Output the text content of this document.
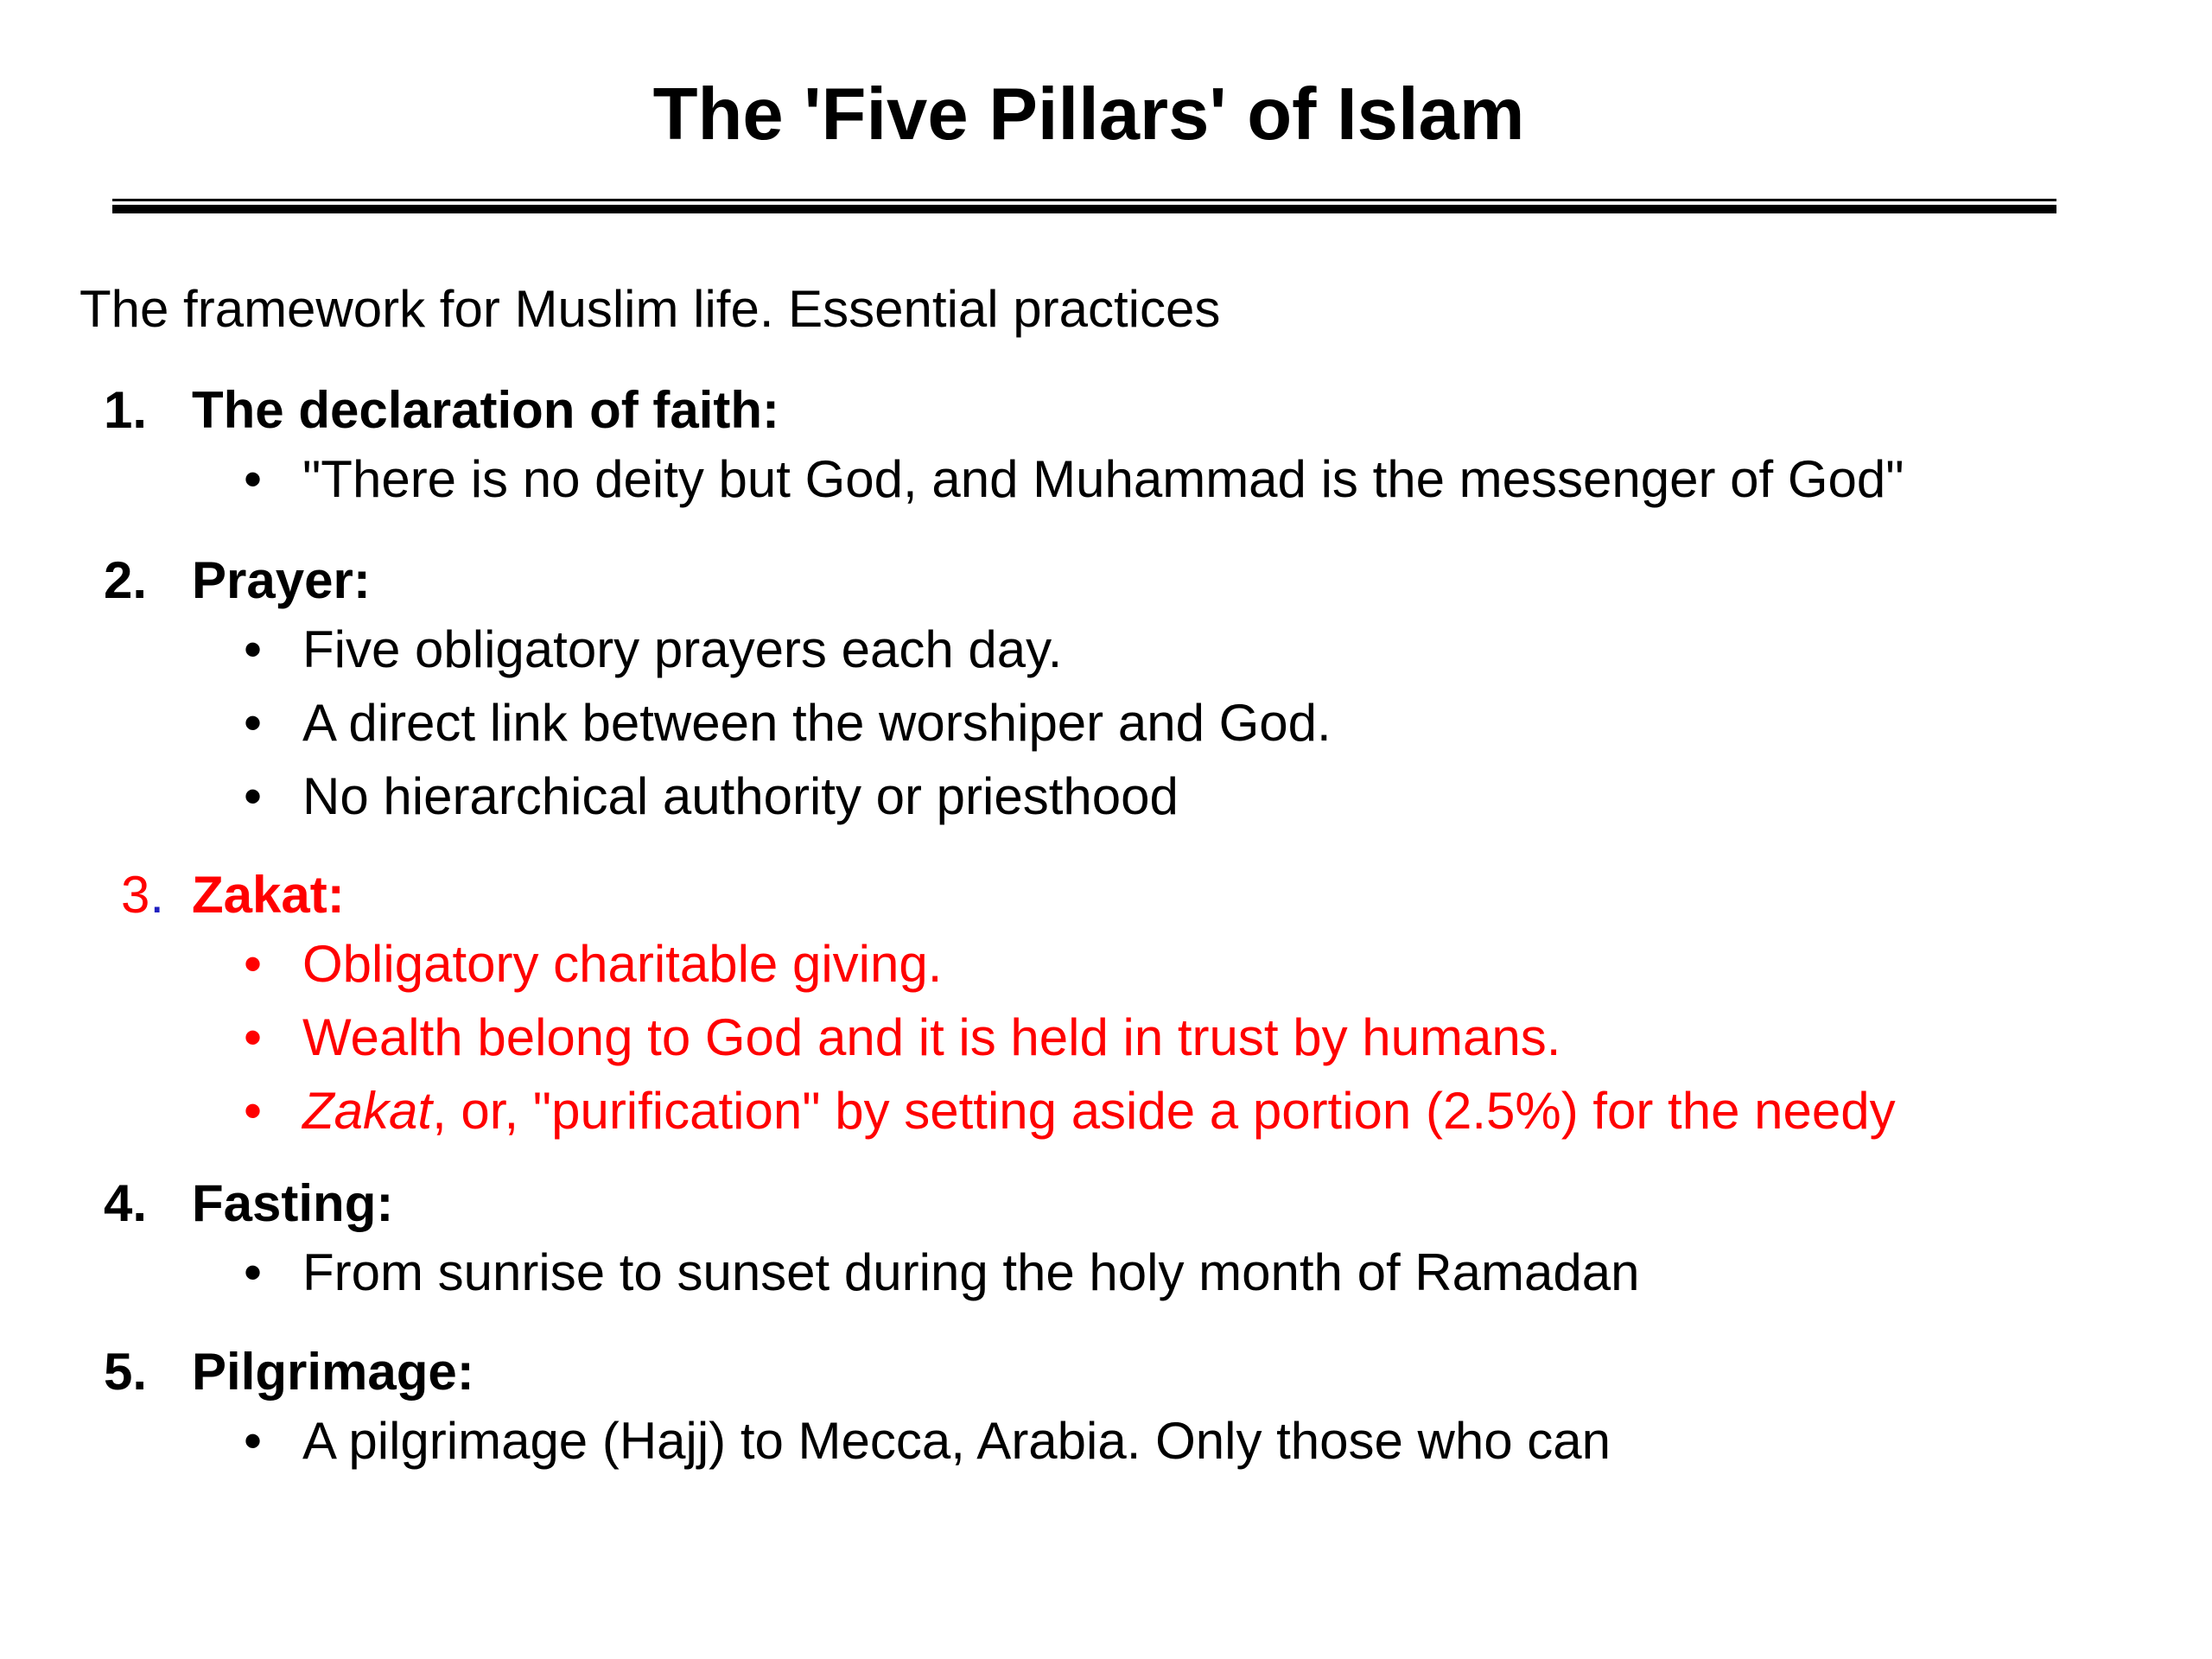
The 'Five Pillars' of Islam
The framework for Muslim life. Essential practices
1. The declaration of faith:
• "There is no deity but God, and Muhammad is the messenger of God"
2. Prayer:
• Five obligatory prayers each day.
• A direct link between the worshiper and God.
• No hierarchical authority or priesthood
3. Zakat:
• Obligatory charitable giving.
• Wealth belong to God and it is held in trust by humans.
• Zakat, or, "purification" by setting aside a portion (2.5%) for the needy
4. Fasting:
• From sunrise to sunset during the holy month of Ramadan
5. Pilgrimage:
• A pilgrimage (Hajj) to Mecca, Arabia. Only those who can
